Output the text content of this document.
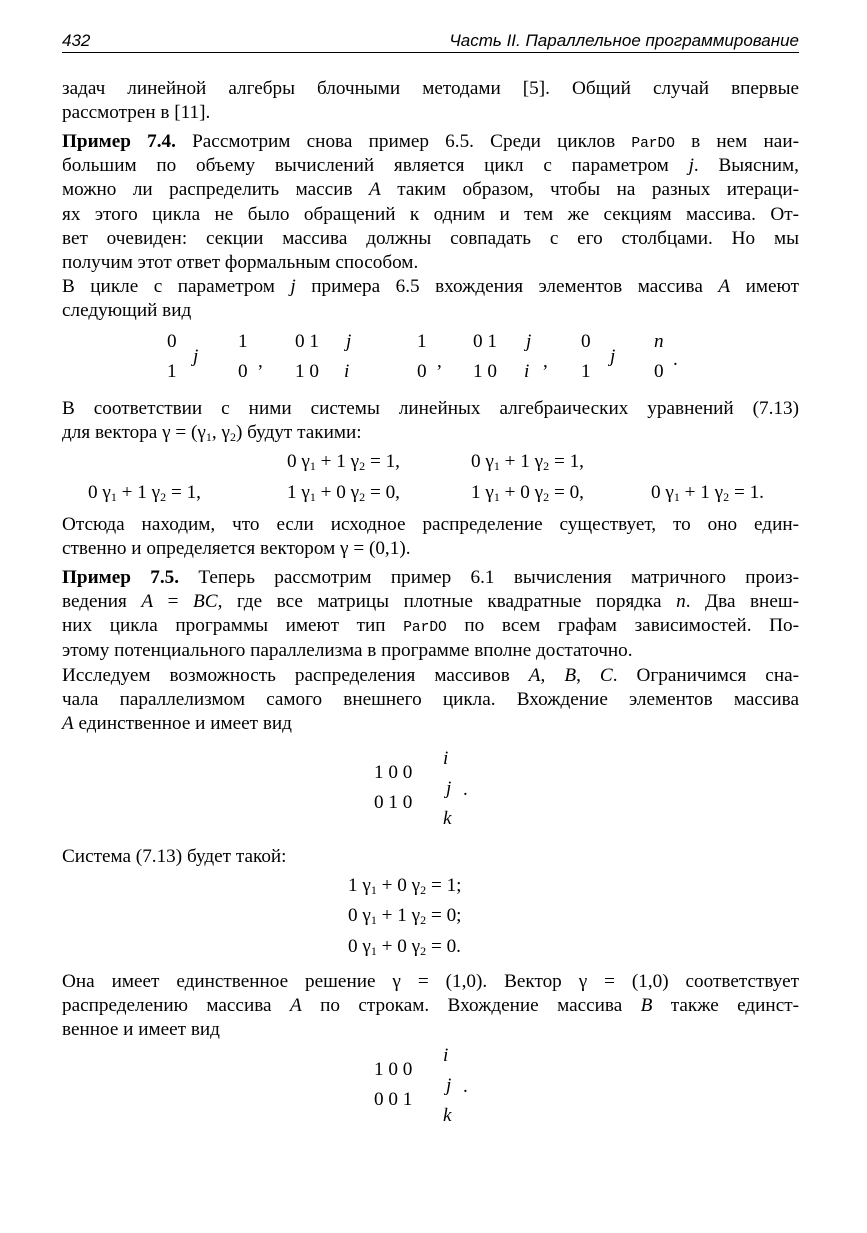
432	Часть II. Параллельное программирование
задач линейной алгебры блочными методами [5]. Общий случай впервые
рассмотрен в [11].
Пример 7.4. Рассмотрим снова пример 6.5. Среди циклов ParDO в нем наи-
большим по объему вычислений является цикл с параметром j. Выясним,
можно ли распределить массив A таким образом, чтобы на разных итераци-
ях этого цикла не было обращений к одним и тем же секциям массива. От-
вет очевиден: секции массива должны совпадать с его столбцами. Но мы
получим этот ответ формальным способом.
В цикле с параметром j примера 6.5 вхождения элементов массива A имеют
следующий вид
0
1
j
1
0 ,
0 1
1 0
j
i
1
0 ,
0 1
1 0
j
i ,
0
1
j
n
0
.
В соответствии с ними системы линейных алгебраических уравнений (7.13)
для вектора $\gamma = (\gamma_1$, $\gamma_2$) будут такими:
0 $\gamma_1 + 1$ $\gamma_2 = 1$,	0 $\gamma_1 + 1$ $\gamma_2 = 1$,
0 $\gamma_1 + 1$ $\gamma_2 = 1$,	1 $\gamma_1 + 0$ $\gamma_2 = 0$,	1 $\gamma_1 + 0$ $\gamma_2 = 0$,	0 $\gamma_1 + 1$ $\gamma_2 = 1$.
Отсюда находим, что если исходное распределение существует, то оно един-
ственно и определяется вектором γ = (0,1).
Пример 7.5. Теперь рассмотрим пример 6.1 вычисления матричного произ-
ведения A = BC, где все матрицы плотные квадратные порядка n. Два внеш-
них цикла программы имеют тип ParDO по всем графам зависимостей. По-
этому потенциального параллелизма в программе вполне достаточно.
Исследуем возможность распределения массивов A, B, C. Ограничимся сна-
чала параллелизмом самого внешнего цикла. Вхождение элементов массива
A единственное и имеет вид
1 0 0
0 1 0
i
j .
k
Система (7.13) будет такой:
1 $\gamma_1 + 0$ $\gamma_2 = 1$;
0 $\gamma_1 + 1$ $\gamma_2 = 0$;
0 $\gamma_1 + 0$ $\gamma_2 = 0$.
Она имеет единственное решение γ = (1,0). Вектор γ = (1,0) соответствует
распределению массива A по строкам. Вхождение массива B также единст-
венное и имеет вид
1 0 0
0 0 1
i
j .
k
